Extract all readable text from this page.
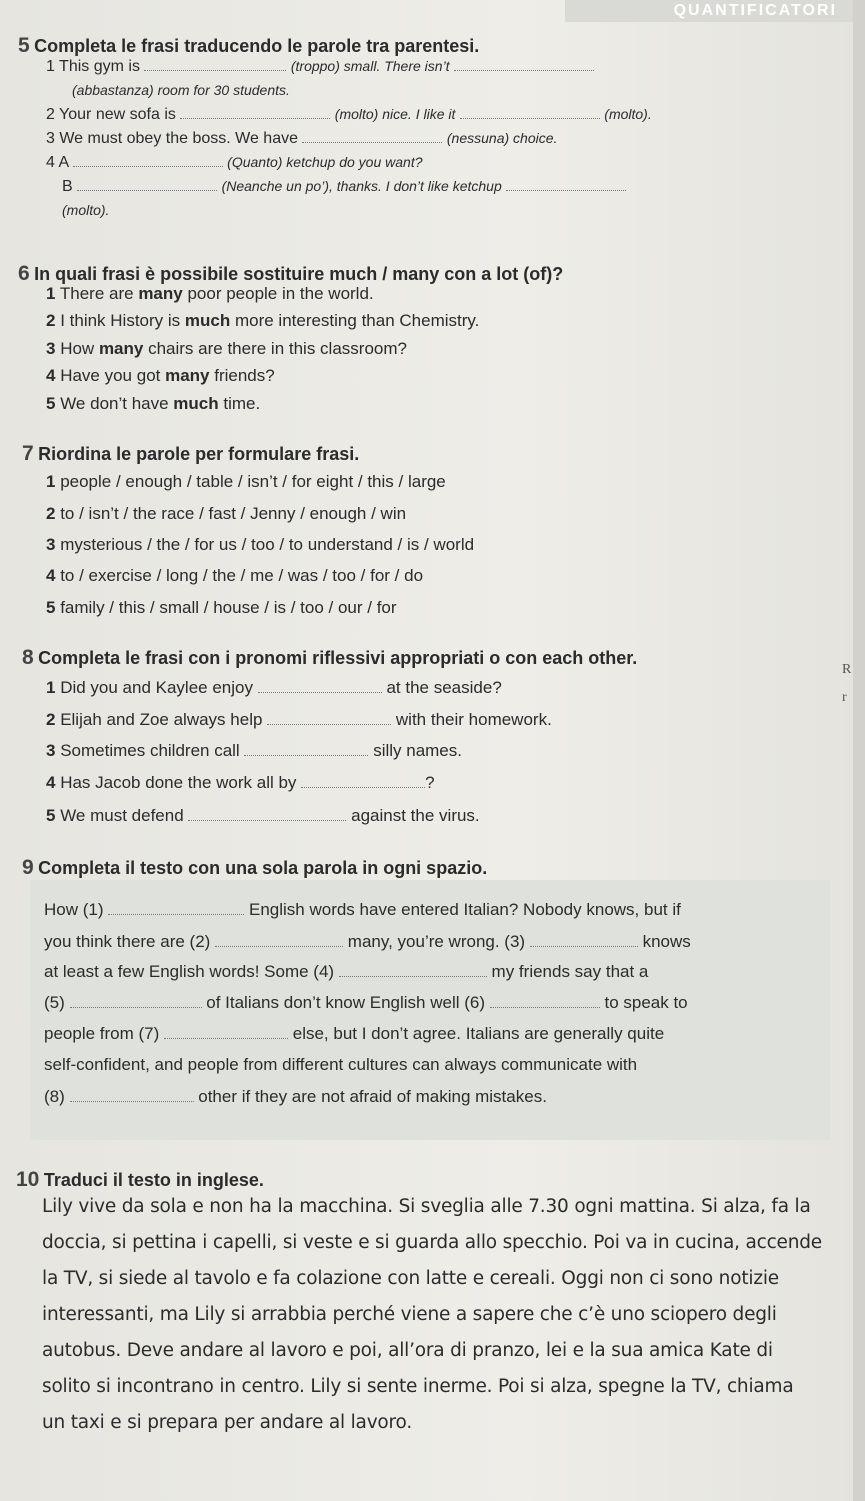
QUANTIFICATORI
5 Completa le frasi traducendo le parole tra parentesi.
1 This gym is	(troppo) small. There isn’t
(abbastanza) room for 30 students.
2 Your new sofa is	(molto) nice. I like it	(molto).
3 We must obey the boss. We have	(nessuna) choice.
4 A	(Quanto) ketchup do you want?
B	(Neanche un po’), thanks. I don’t like ketchup
(molto).
6 In quali frasi è possibile sostituire much / many con a lot (of)?
1 There are many poor people in the world.
2 I think History is much more interesting than Chemistry.
3 How many chairs are there in this classroom?
4 Have you got many friends?
5 We don’t have much time.
7 Riordina le parole per formulare frasi.
1 people / enough / table / isn’t / for eight / this / large
2 to / isn’t / the race / fast / Jenny / enough / win
3 mysterious / the / for us / too / to understand / is / world
4 to / exercise / long / the / me / was / too / for / do
5 family / this / small / house / is / too / our / for
8 Completa le frasi con i pronomi riflessivi appropriati o con each other.
1 Did you and Kaylee enjoy	at the seaside?
2 Elijah and Zoe always help	with their homework.
3 Sometimes children call	silly names.
4 Has Jacob done the work all by	?
5 We must defend	against the virus.
R
r
9 Completa il testo con una sola parola in ogni spazio.
How (1)	English words have entered Italian? Nobody knows, but if
you think there are (2)	many, you’re wrong. (3)	knows
at least a few English words! Some (4)	my friends say that a
(5)	of Italians don’t know English well (6)	to speak to
people from (7)	else, but I don’t agree. Italians are generally quite
self-confident, and people from different cultures can always communicate with
(8)	other if they are not afraid of making mistakes.
10 Traduci il testo in inglese.
Lily vive da sola e non ha la macchina. Si sveglia alle 7.30 ogni mattina. Si alza, fa la
doccia, si pettina i capelli, si veste e si guarda allo specchio. Poi va in cucina, accende
la TV, si siede al tavolo e fa colazione con latte e cereali. Oggi non ci sono notizie
interessanti, ma Lily si arrabbia perché viene a sapere che c’è uno sciopero degli
autobus. Deve andare al lavoro e poi, all’ora di pranzo, lei e la sua amica Kate di
solito si incontrano in centro. Lily si sente inerme. Poi si alza, spegne la TV, chiama
un taxi e si prepara per andare al lavoro.
